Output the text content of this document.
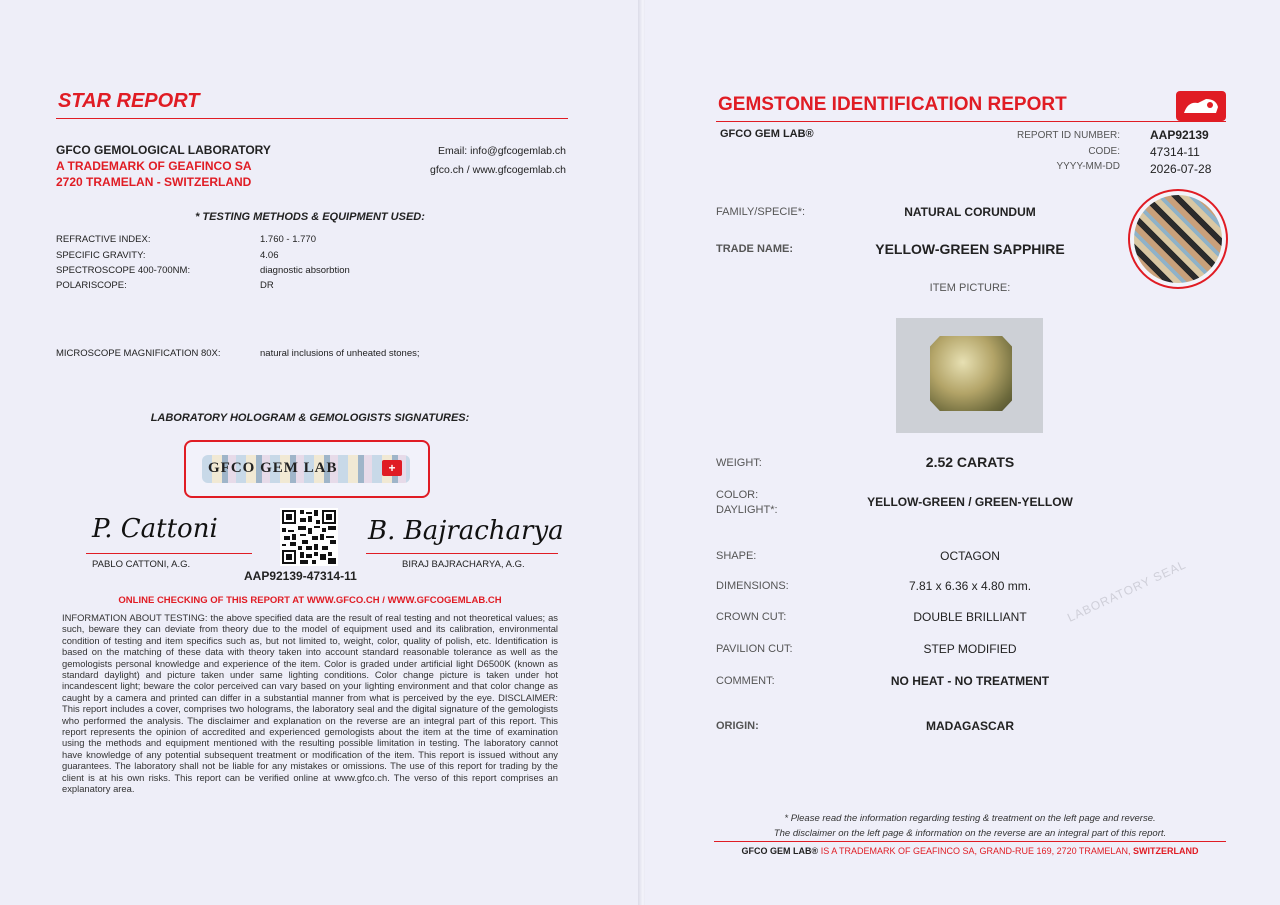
STAR REPORT
GFCO GEMOLOGICAL LABORATORY
A TRADEMARK OF GEAFINCO SA
2720 TRAMELAN - SWITZERLAND
Email: info@gfcogemlab.ch
gfco.ch / www.gfcogemlab.ch
* TESTING METHODS & EQUIPMENT USED:
REFRACTIVE INDEX:	1.760 - 1.770
SPECIFIC GRAVITY:	4.06
SPECTROSCOPE 400-700NM:	diagnostic absorbtion
POLARISCOPE:	DR
MICROSCOPE MAGNIFICATION 80X:	natural inclusions of unheated stones;
LABORATORY HOLOGRAM & GEMOLOGISTS SIGNATURES:
GFCO GEM LAB	+
P. Cattoni
PABLO CATTONI, A.G.
B. Bajracharya
BIRAJ BAJRACHARYA, A.G.
AAP92139-47314-11
ONLINE CHECKING OF THIS REPORT AT WWW.GFCO.CH / WWW.GFCOGEMLAB.CH
INFORMATION ABOUT TESTING: the above specified data are the result of real testing and not theoretical values; as such, beware they can deviate from theory due to the model of equipment used and its calibration, environmental condition of testing and item specifics such as, but not limited to, weight, color, quality of polish, etc. Identification is based on the matching of these data with theory taken into account standard reasonable tolerance as well as the gemologists personal knowledge and experience of the item. Color is graded under artificial light D6500K (known as standard daylight) and picture taken under same lighting conditions. Color change picture is taken under hot incandescent light; beware the color perceived can vary based on your lighting environment and that color change as caught by a camera and printed can differ in a substantial manner from what is perceived by the eye. DISCLAIMER: This report includes a cover, comprises two holograms, the laboratory seal and the digital signature of the gemologists who performed the analysis. The disclaimer and explanation on the reverse are an integral part of this report. This report represents the opinion of accredited and experienced gemologists about the item at the time of examination using the methods and equipment mentioned with the resulting possible limitation in testing. The laboratory cannot have knowledge of any potential subsequent treatment or modification of the item. This report is issued without any guarantees. The laboratory shall not be liable for any mistakes or omissions. The use of this report for trading by the client is at his own risks. This report can be verified online at www.gfco.ch. The verso of this report comprises an explanatory area.
GEMSTONE IDENTIFICATION REPORT
GFCO GEM LAB®	REPORT ID NUMBER:	AAP92139
CODE:	47314-11
YYYY-MM-DD	2026-07-28
FAMILY/SPECIE*:	NATURAL CORUNDUM
TRADE NAME:	YELLOW-GREEN SAPPHIRE
ITEM PICTURE:
WEIGHT:	2.52 CARATS
COLOR:
DAYLIGHT*:
YELLOW-GREEN / GREEN-YELLOW
SHAPE:	OCTAGON
DIMENSIONS:	7.81 x 6.36 x 4.80 mm.
CROWN CUT:	DOUBLE BRILLIANT
PAVILION CUT:	STEP MODIFIED
COMMENT:	NO HEAT - NO TREATMENT
ORIGIN:	MADAGASCAR
LABORATORY SEAL
* Please read the information regarding testing & treatment on the left page and reverse.
The disclaimer on the left page & information on the reverse are an integral part of this report.
GFCO GEM LAB® IS A TRADEMARK OF GEAFINCO SA, GRAND-RUE 169, 2720 TRAMELAN, SWITZERLAND
